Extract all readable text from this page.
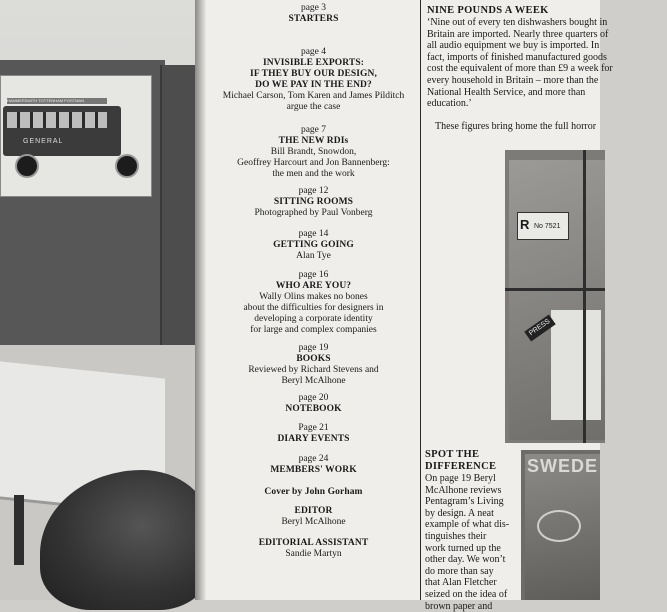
HAMMERSMITH TOTTENHAM POSTMAN
GENERAL
page 3
STARTERS
page 4
INVISIBLE EXPORTS:
IF THEY BUY OUR DESIGN,
DO WE PAY IN THE END?
Michael Carson, Tom Karen and James Pilditch
argue the case
page 7
THE NEW RDIs
Bill Brandt, Snowdon,
Geoffrey Harcourt and Jon Bannenberg:
the men and the work
page 12
SITTING ROOMS
Photographed by Paul Vonberg
page 14
GETTING GOING
Alan Tye
page 16
WHO ARE YOU?
Wally Olins makes no bones
about the difficulties for designers in
developing a corporate identity
for large and complex companies
page 19
BOOKS
Reviewed by Richard Stevens and
Beryl McAlhone
page 20
NOTEBOOK
Page 21
DIARY EVENTS
page 24
MEMBERS' WORK
Cover by John Gorham
EDITOR
Beryl McAlhone
EDITORIAL ASSISTANT
Sandie Martyn
NINE POUNDS A WEEK
‘Nine out of every ten dishwashers bought in
Britain are imported. Nearly three quarters of
all audio equipment we buy is imported. In
fact, imports of finished manufactured goods
cost the equivalent of more than £9 a week for
every household in Britain – more than the
National Health Service, and more than
education.’
These figures bring home the full horror
R No 7521
PRESS
SPOT THE
DIFFERENCE
On page 19 Beryl
McAlhone reviews
Pentagram’s Living
by design. A neat
example of what dis-
tinguishes their
work turned up the
other day. We won’t
do more than say
that Alan Fletcher
seized on the idea of
brown paper and
SWEDE
